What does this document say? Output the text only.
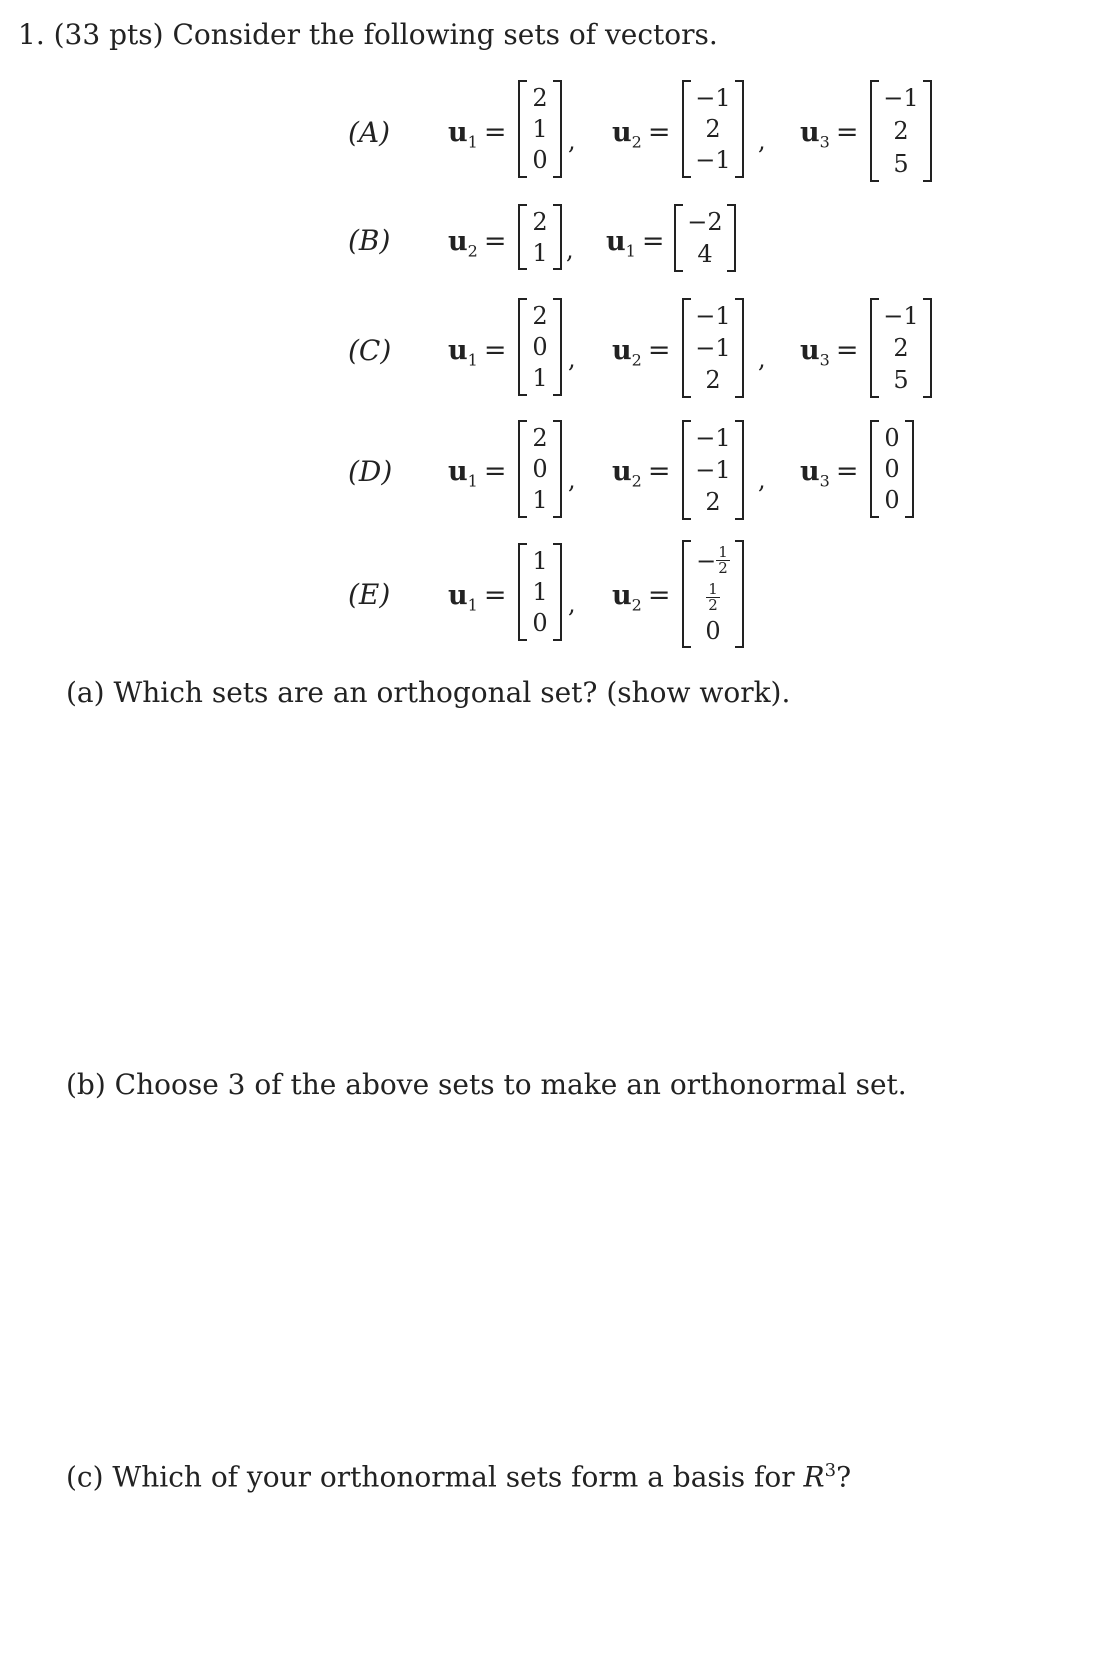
1. (33 pts) Consider the following sets of vectors.
(A)	$u_1$ =
2
1
0
, $u_2$ =
−1
2
−1
, $u_3$ =
−1
2
5
(B)	$u_2$ =
2
1 , $u_1$ =
−2
4
(C)	$u_1$ =
2
0
1
, $u_2$ =
−1
−1
2
, $u_3$ =
−1
2
5
(D)	$u_1$ =
2
0
1
, $u_2$ =
−1
−1
2
, $u_3$ =
0
0
0
(E)	$u_1$ =
1
1
0
, $u_2$ =
− $\frac{1}{2}$
$\frac{1}{2}$
0
(a) Which sets are an orthogonal set? (show work).
(b) Choose 3 of the above sets to make an orthonormal set.
(c) Which of your orthonormal sets form a basis for $R^3$?
